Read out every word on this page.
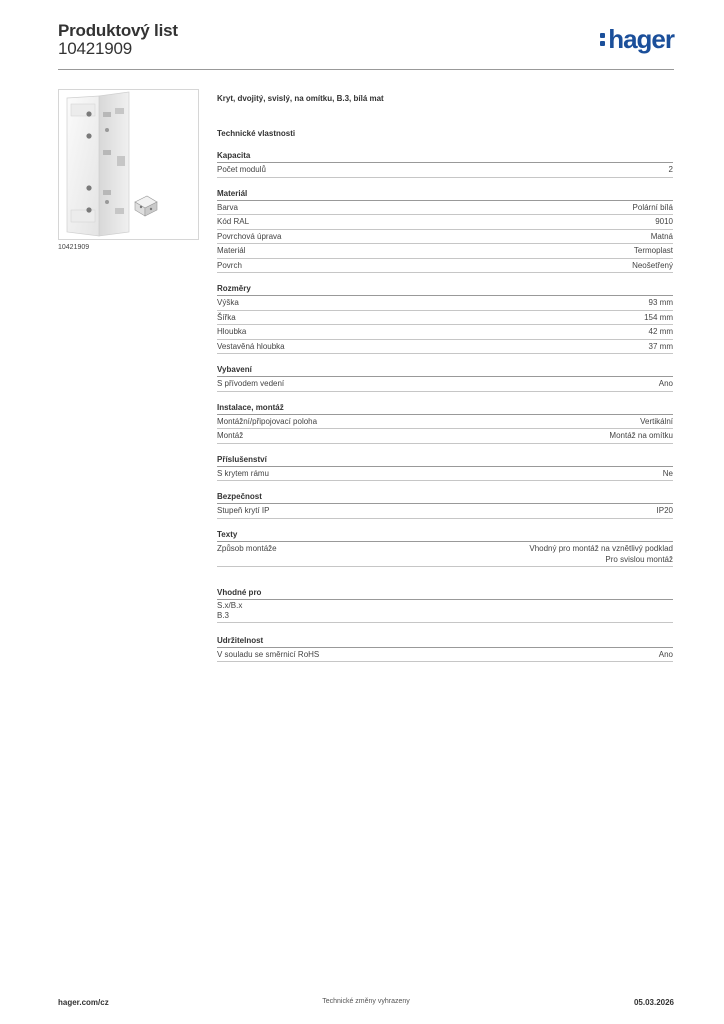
Produktový list
10421909	hager
10421909
Kryt, dvojitý, svislý, na omítku, B.3, bílá mat
Technické vlastnosti
Kapacita
Počet modulů	2
Materiál
Barva	Polární bílá
Kód RAL	9010
Povrchová úprava	Matná
Materiál	Termoplast
Povrch	Neošetřený
Rozměry
Výška	93 mm
Šířka	154 mm
Hloubka	42 mm
Vestavěná hloubka	37 mm
Vybavení
S přívodem vedení	Ano
Instalace, montáž
Montážní/připojovací poloha	Vertikální
Montáž	Montáž na omítku
Příslušenství
S krytem rámu	Ne
Bezpečnost
Stupeň krytí IP	IP20
Texty
Způsob montáže	Vhodný pro montáž na vznětlivý podklad
Pro svislou montáž
Vhodné pro
S.x/B.x
B.3
Udržitelnost
V souladu se směrnicí RoHS	Ano
hager.com/cz	Technické změny vyhrazeny	05.03.2026
